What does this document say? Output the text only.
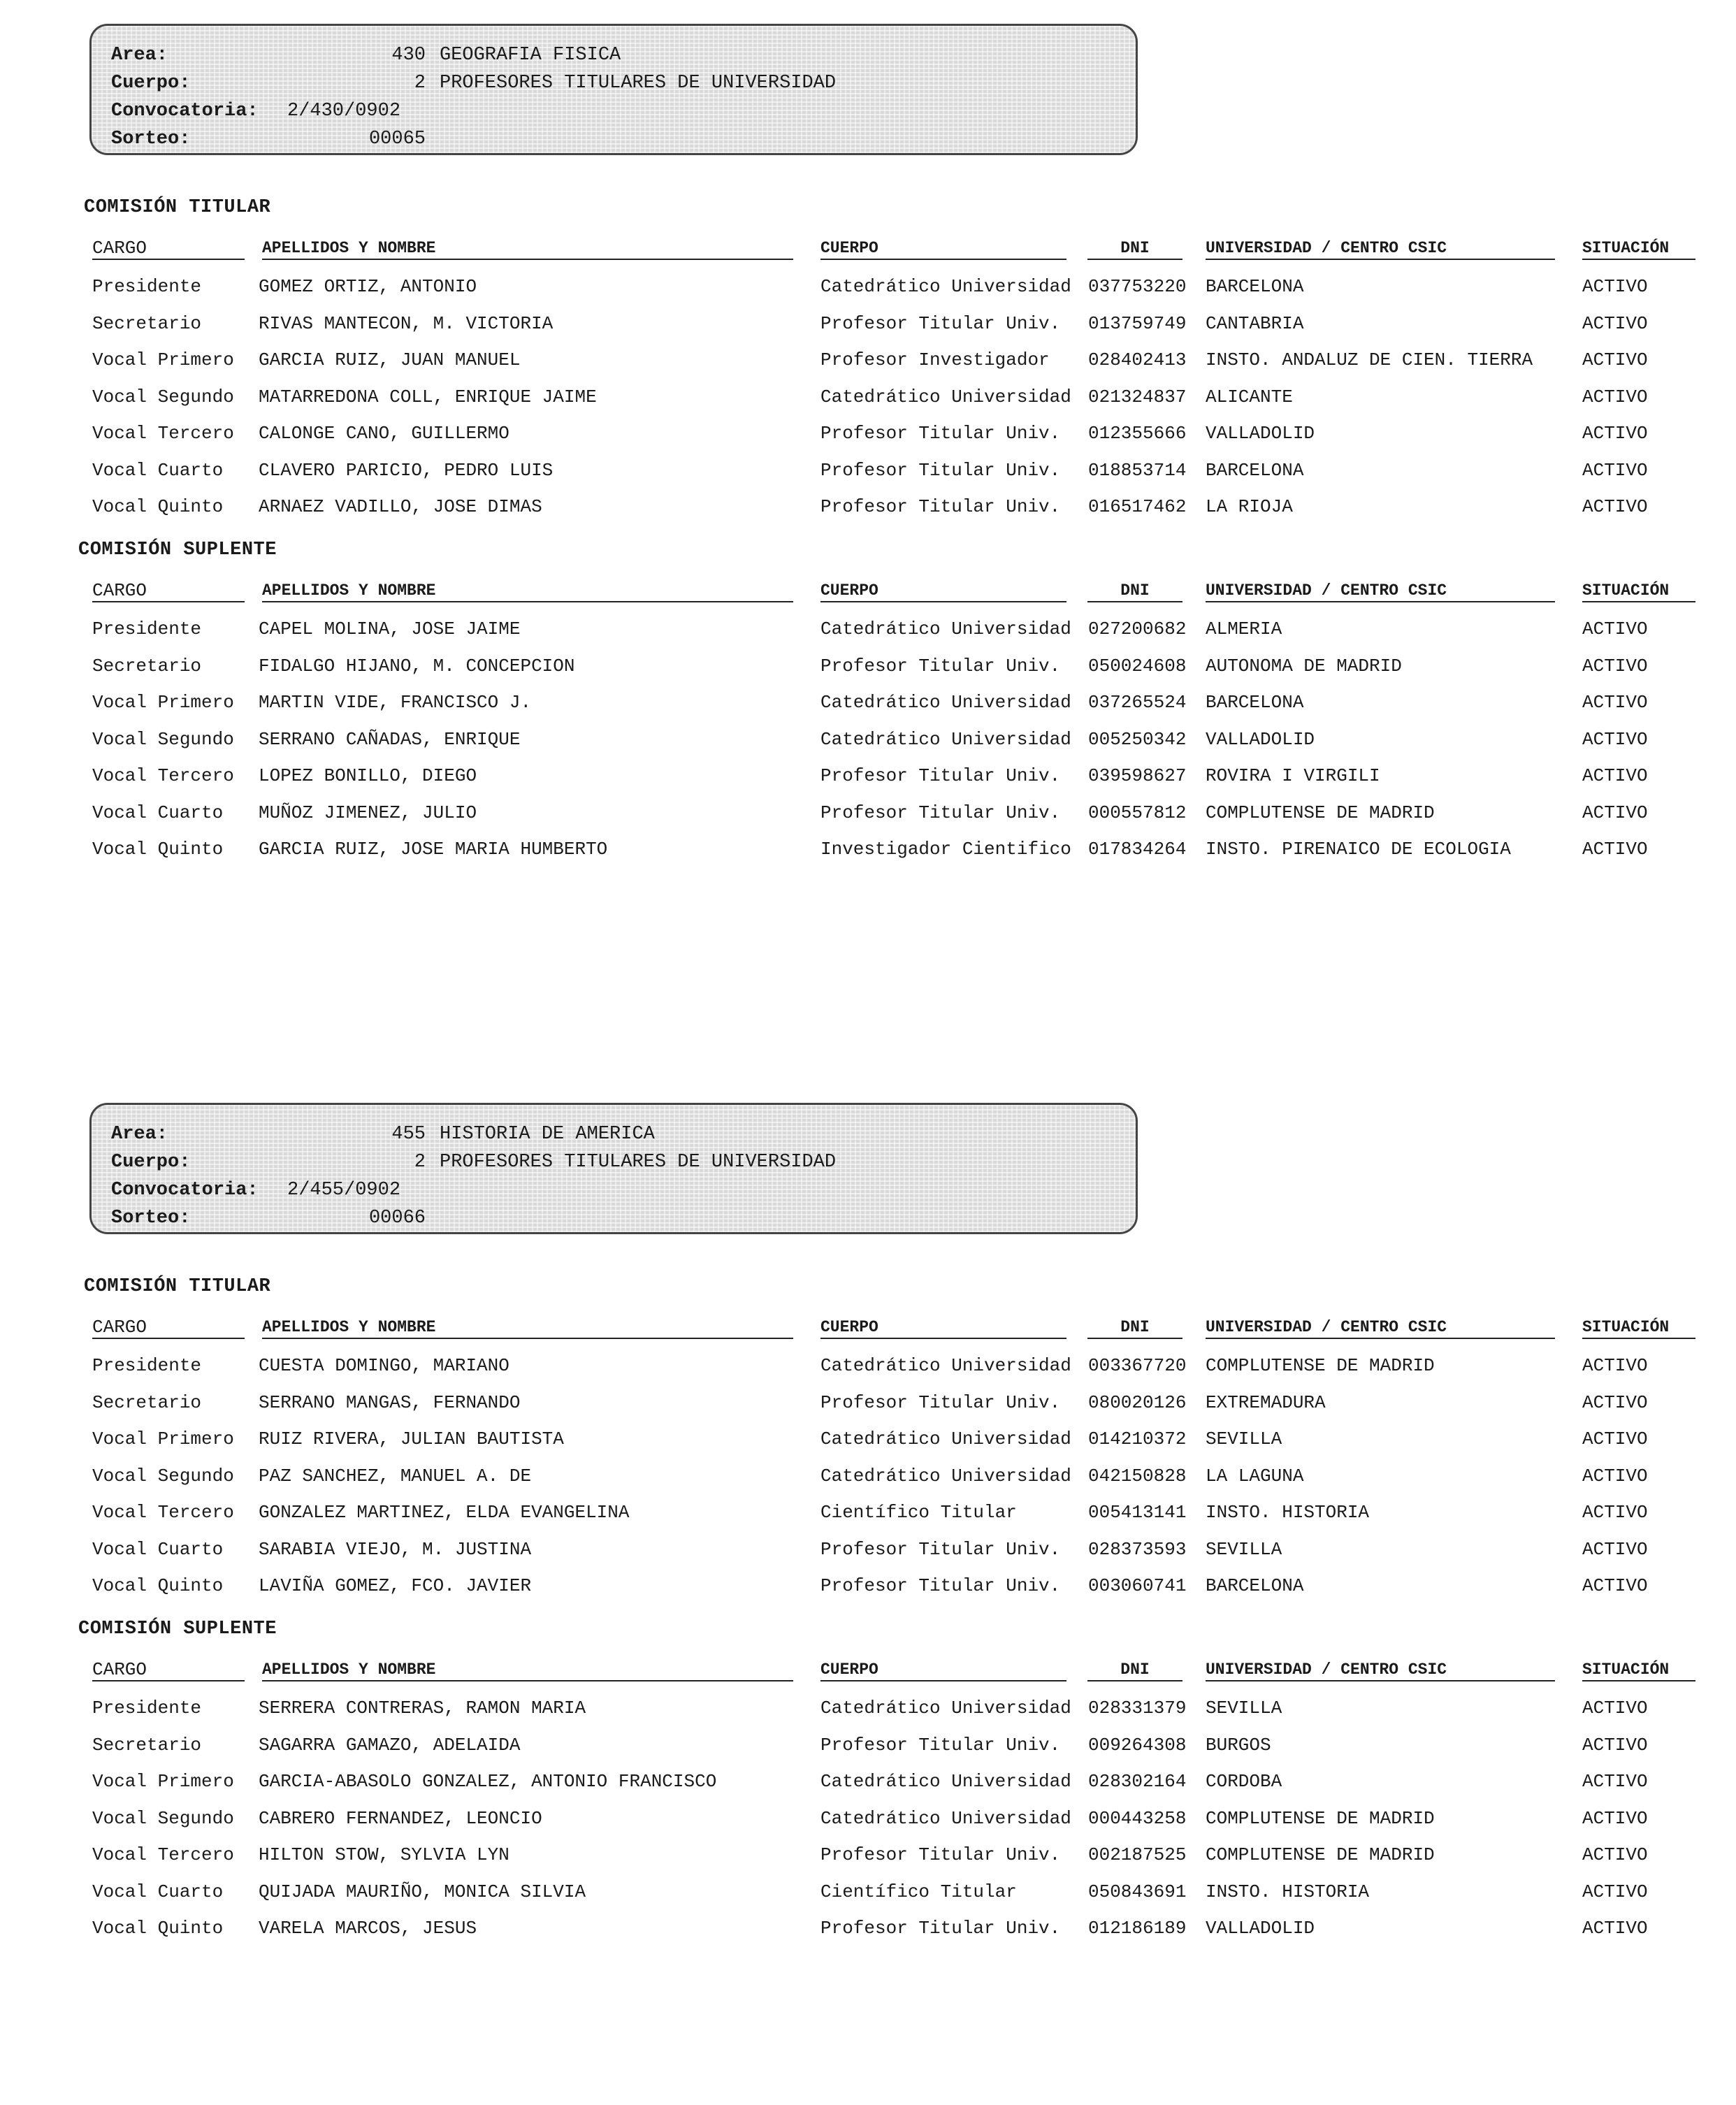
Area:	430 GEOGRAFIA FISICA
Cuerpo:	2 PROFESORES TITULARES DE UNIVERSIDAD
Convocatoria: 2/430/0902
Sorteo:	00065
COMISIÓN TITULAR
CARGO	APELLIDOS Y NOMBRE	CUERPO	DNI	UNIVERSIDAD / CENTRO CSIC	SITUACIÓN
Presidente	GOMEZ ORTIZ, ANTONIO	Catedrático Universidad 037753220 BARCELONA	ACTIVO
Secretario	RIVAS MANTECON, M. VICTORIA	Profesor Titular Univ. 013759749 CANTABRIA	ACTIVO
Vocal Primero GARCIA RUIZ, JUAN MANUEL	Profesor Investigador 028402413 INSTO. ANDALUZ DE CIEN. TIERRA	ACTIVO
Vocal Segundo MATARREDONA COLL, ENRIQUE JAIME	Catedrático Universidad 021324837 ALICANTE	ACTIVO
Vocal Tercero CALONGE CANO, GUILLERMO	Profesor Titular Univ. 012355666 VALLADOLID	ACTIVO
Vocal Cuarto CLAVERO PARICIO, PEDRO LUIS	Profesor Titular Univ. 018853714 BARCELONA	ACTIVO
Vocal Quinto ARNAEZ VADILLO, JOSE DIMAS	Profesor Titular Univ. 016517462 LA RIOJA	ACTIVO
COMISIÓN SUPLENTE
CARGO	APELLIDOS Y NOMBRE	CUERPO	DNI	UNIVERSIDAD / CENTRO CSIC	SITUACIÓN
Presidente	CAPEL MOLINA, JOSE JAIME	Catedrático Universidad 027200682 ALMERIA	ACTIVO
Secretario	FIDALGO HIJANO, M. CONCEPCION	Profesor Titular Univ. 050024608 AUTONOMA DE MADRID	ACTIVO
Vocal Primero MARTIN VIDE, FRANCISCO J.	Catedrático Universidad 037265524 BARCELONA	ACTIVO
Vocal Segundo SERRANO CAÑADAS, ENRIQUE	Catedrático Universidad 005250342 VALLADOLID	ACTIVO
Vocal Tercero LOPEZ BONILLO, DIEGO	Profesor Titular Univ. 039598627 ROVIRA I VIRGILI	ACTIVO
Vocal Cuarto MUÑOZ JIMENEZ, JULIO	Profesor Titular Univ. 000557812 COMPLUTENSE DE MADRID	ACTIVO
Vocal Quinto GARCIA RUIZ, JOSE MARIA HUMBERTO	Investigador Cientifico 017834264 INSTO. PIRENAICO DE ECOLOGIA	ACTIVO
Area:	455 HISTORIA DE AMERICA
Cuerpo:	2 PROFESORES TITULARES DE UNIVERSIDAD
Convocatoria: 2/455/0902
Sorteo:	00066
COMISIÓN TITULAR
CARGO	APELLIDOS Y NOMBRE	CUERPO	DNI	UNIVERSIDAD / CENTRO CSIC	SITUACIÓN
Presidente	CUESTA DOMINGO, MARIANO	Catedrático Universidad 003367720 COMPLUTENSE DE MADRID	ACTIVO
Secretario	SERRANO MANGAS, FERNANDO	Profesor Titular Univ. 080020126 EXTREMADURA	ACTIVO
Vocal Primero RUIZ RIVERA, JULIAN BAUTISTA	Catedrático Universidad 014210372 SEVILLA	ACTIVO
Vocal Segundo PAZ SANCHEZ, MANUEL A. DE	Catedrático Universidad 042150828 LA LAGUNA	ACTIVO
Vocal Tercero GONZALEZ MARTINEZ, ELDA EVANGELINA	Científico Titular	005413141 INSTO. HISTORIA	ACTIVO
Vocal Cuarto SARABIA VIEJO, M. JUSTINA	Profesor Titular Univ. 028373593 SEVILLA	ACTIVO
Vocal Quinto LAVIÑA GOMEZ, FCO. JAVIER	Profesor Titular Univ. 003060741 BARCELONA	ACTIVO
COMISIÓN SUPLENTE
CARGO	APELLIDOS Y NOMBRE	CUERPO	DNI	UNIVERSIDAD / CENTRO CSIC	SITUACIÓN
Presidente	SERRERA CONTRERAS, RAMON MARIA	Catedrático Universidad 028331379 SEVILLA	ACTIVO
Secretario	SAGARRA GAMAZO, ADELAIDA	Profesor Titular Univ. 009264308 BURGOS	ACTIVO
Vocal Primero GARCIA-ABASOLO GONZALEZ, ANTONIO FRANCISCO	Catedrático Universidad 028302164 CORDOBA	ACTIVO
Vocal Segundo CABRERO FERNANDEZ, LEONCIO	Catedrático Universidad 000443258 COMPLUTENSE DE MADRID	ACTIVO
Vocal Tercero HILTON STOW, SYLVIA LYN	Profesor Titular Univ. 002187525 COMPLUTENSE DE MADRID	ACTIVO
Vocal Cuarto QUIJADA MAURIÑO, MONICA SILVIA	Científico Titular	050843691 INSTO. HISTORIA	ACTIVO
Vocal Quinto VARELA MARCOS, JESUS	Profesor Titular Univ. 012186189 VALLADOLID	ACTIVO
